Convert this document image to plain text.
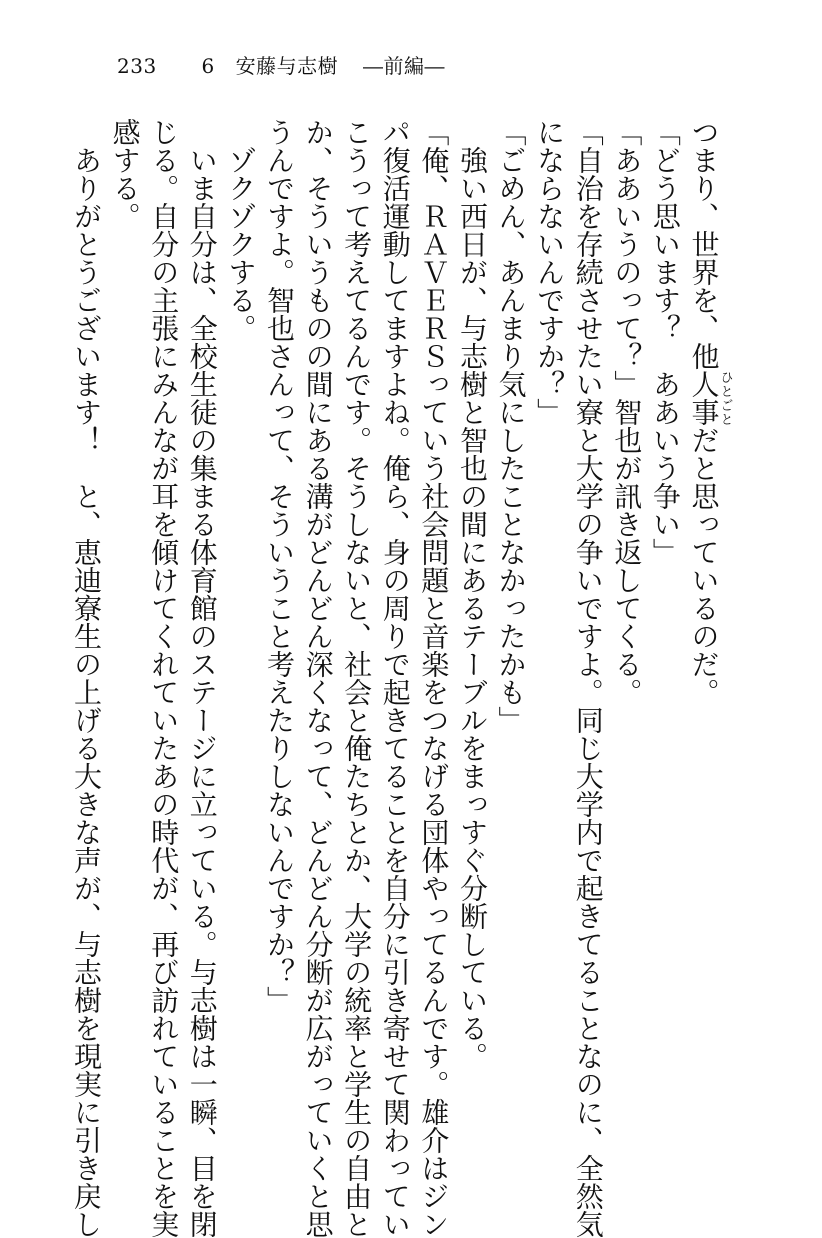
233 6 安藤与志樹 ―前編―
つまり、世界を、他人事ひとごとだと思っているのだ。
「どう思います？　ああいう争い」
「ああいうのって？」智也が訊き返してくる。
「自治を存続させたい寮と大学の争いですよ。同じ大学内で起きてることなのに、全然気
にならないんですか？」
「ごめん、あんまり気にしたことなかったかも」
　強い西日が、与志樹と智也の間にあるテーブルをまっすぐ分断している。
「俺、ＲＡＶＥＲＳっていう社会問題と音楽をつなげる団体やってるんです。雄介はジン
パ復活運動してますよね。俺ら、身の周りで起きてることを自分に引き寄せて関わってい
こうって考えてるんです。そうしないと、社会と俺たちとか、大学の統率と学生の自由と
か、そういうものの間にある溝がどんどん深くなって、どんどん分断が広がっていくと思
うんですよ。智也さんって、そういうこと考えたりしないんですか？」
　ゾクゾクする。
　いま自分は、全校生徒の集まる体育館のステージに立っている。与志樹は一瞬、目を閉
じる。自分の主張にみんなが耳を傾けてくれていたあの時代が、再び訪れていることを実
感する。
　ありがとうございます！　と、恵迪寮生の上げる大きな声が、与志樹を現実に引き戻し
